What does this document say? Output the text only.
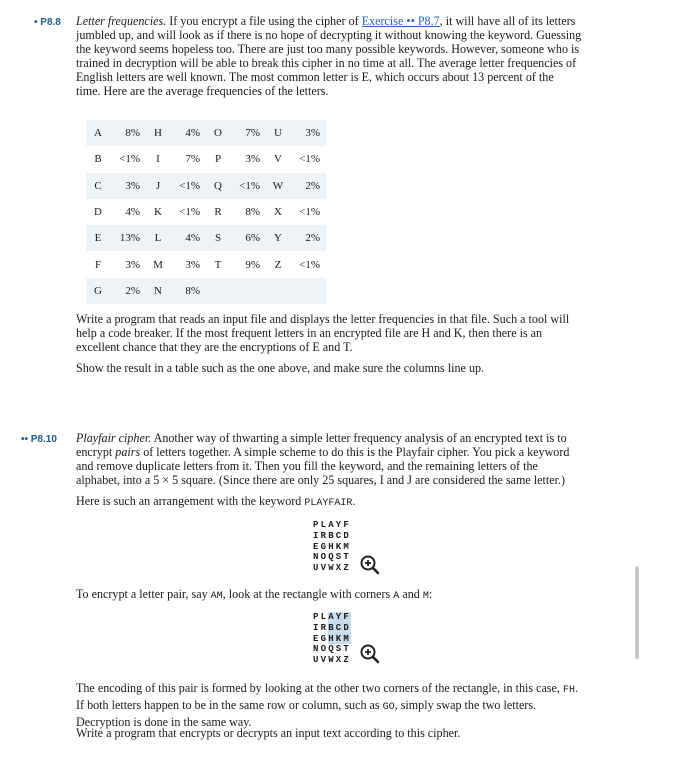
• P8.8 Letter frequencies. If you encrypt a file using the cipher of Exercise •• P8.7, it will have all of its letters
jumbled up, and will look as if there is no hope of decrypting it without knowing the keyword. Guessing
the keyword seems hopeless too. There are just too many possible keywords. However, someone who is
trained in decryption will be able to break this cipher in no time at all. The average letter frequencies of
English letters are well known. The most common letter is E, which occurs about 13 percent of the
time. Here are the average frequencies of the letters.
A	8%	H	4%	O	7%	U	3%
B	<1%	I	7%	P	3%	V	<1%
C	3%	J	<1%	Q	<1%	W	2%
D	4%	K	<1%	R	8%	X	<1%
E	13%	L	4%	S	6%	Y	2%
F	3%	M	3%	T	9%	Z	<1%
G	2%	N	8%				
Write a program that reads an input file and displays the letter frequencies in that file. Such a tool will
help a code breaker. If the most frequent letters in an encrypted file are H and K, then there is an
excellent chance that they are the encryptions of E and T.
Show the result in a table such as the one above, and make sure the columns line up.
•• P8.10 Playfair cipher. Another way of thwarting a simple letter frequency analysis of an encrypted text is to
encrypt pairs of letters together. A simple scheme to do this is the Playfair cipher. You pick a keyword
and remove duplicate letters from it. Then you fill the keyword, and the remaining letters of the
alphabet, into a 5 × 5 square. (Since there are only 25 squares, I and J are considered the same letter.)
Here is such an arrangement with the keyword PLAYFAIR.
P L A Y F
I R B C D
E G H K M
N O Q S T
U V W X Z
To encrypt a letter pair, say AM, look at the rectangle with corners A and M:
P L A Y F
I R B C D
E G H K M
N O Q S T
U V W X Z
The encoding of this pair is formed by looking at the other two corners of the rectangle, in this case, FH.
If both letters happen to be in the same row or column, such as GO, simply swap the two letters.
Decryption is done in the same way.
Write a program that encrypts or decrypts an input text according to this cipher.
